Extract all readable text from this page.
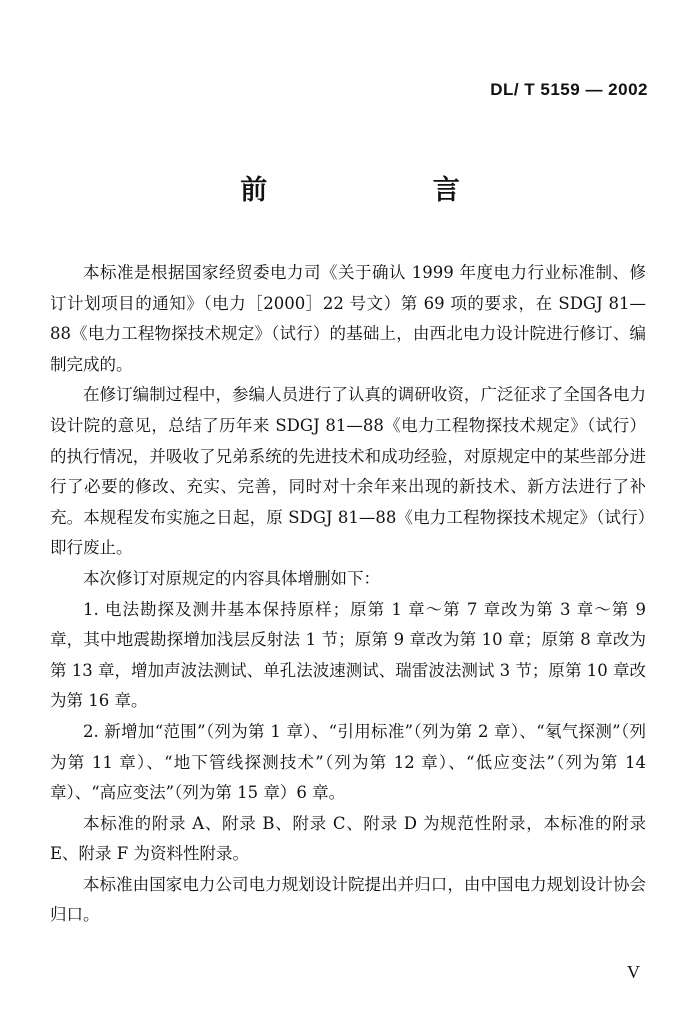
DL/ T 5159 — 2002
前 言

本标准是根据国家经贸委电力司《关于确认 1999 年度电力行业标准制、修订计划项目的通知》（电力［2000］22 号文）第 69 项的要求，在 SDGJ 81—88《电力工程物探技术规定》（试行）的基础上，由西北电力设计院进行修订、编制完成的。

在修订编制过程中，参编人员进行了认真的调研收资，广泛征求了全国各电力设计院的意见，总结了历年来 SDGJ 81—88《电力工程物探技术规定》（试行）的执行情况，并吸收了兄弟系统的先进技术和成功经验，对原规定中的某些部分进行了必要的修改、充实、完善，同时对十余年来出现的新技术、新方法进行了补充。本规程发布实施之日起，原 SDGJ 81—88《电力工程物探技术规定》（试行）即行废止。

本次修订对原规定的内容具体增删如下：

1. 电法勘探及测井基本保持原样；原第 1 章～第 7 章改为第 3 章～第 9 章，其中地震勘探增加浅层反射法 1 节；原第 9 章改为第 10 章；原第 8 章改为第 13 章，增加声波法测试、单孔法波速测试、瑞雷波法测试 3 节；原第 10 章改为第 16 章。

2. 新增加“范围”（列为第 1 章）、“引用标准”（列为第 2 章）、“氡气探测”（列为第 11 章）、“地下管线探测技术”（列为第 12 章）、“低应变法”（列为第 14 章）、“高应变法”（列为第 15 章）6 章。

本标准的附录 A、附录 B、附录 C、附录 D 为规范性附录，本标准的附录 E、附录 F 为资料性附录。

本标准由国家电力公司电力规划设计院提出并归口，由中国电力规划设计协会归口。

V
